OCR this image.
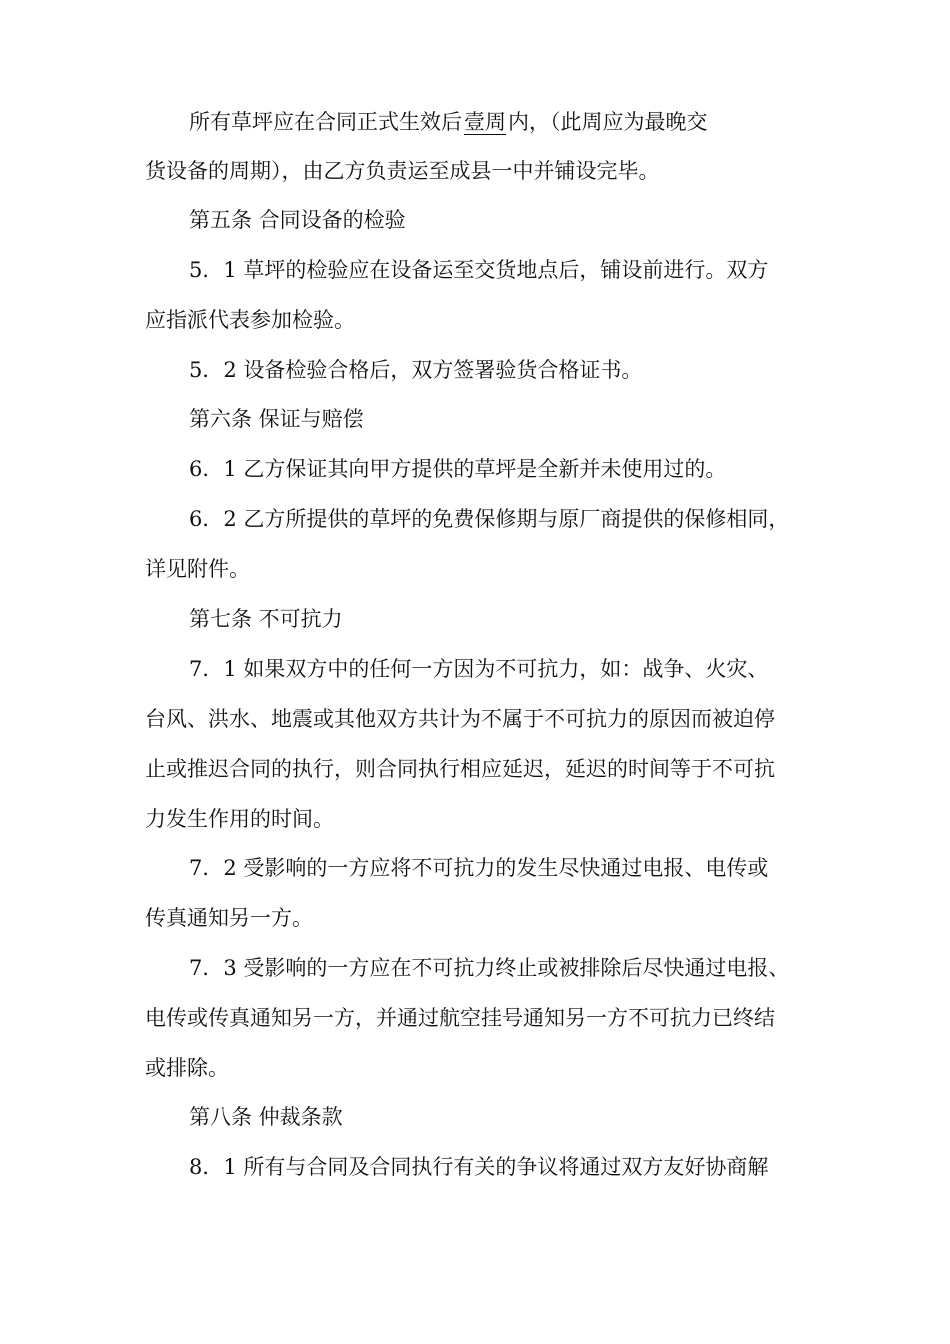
所有草坪应在合同正式生效后壹周内，（此周应为最晚交
货设备的周期），由乙方负责运至成县一中并铺设完毕。
第五条 合同设备的检验
5．1 草坪的检验应在设备运至交货地点后，铺设前进行。双方
应指派代表参加检验。
5．2 设备检验合格后，双方签署验货合格证书。
第六条 保证与赔偿
6．1 乙方保证其向甲方提供的草坪是全新并未使用过的。
6．2 乙方所提供的草坪的免费保修期与原厂商提供的保修相同，
详见附件。
第七条 不可抗力
7．1 如果双方中的任何一方因为不可抗力，如：战争、火灾、
台风、洪水、地震或其他双方共计为不属于不可抗力的原因而被迫停
止或推迟合同的执行，则合同执行相应延迟，延迟的时间等于不可抗
力发生作用的时间。
7．2 受影响的一方应将不可抗力的发生尽快通过电报、电传或
传真通知另一方。
7．3 受影响的一方应在不可抗力终止或被排除后尽快通过电报、
电传或传真通知另一方，并通过航空挂号通知另一方不可抗力已终结
或排除。
第八条 仲裁条款
8．1 所有与合同及合同执行有关的争议将通过双方友好协商解
